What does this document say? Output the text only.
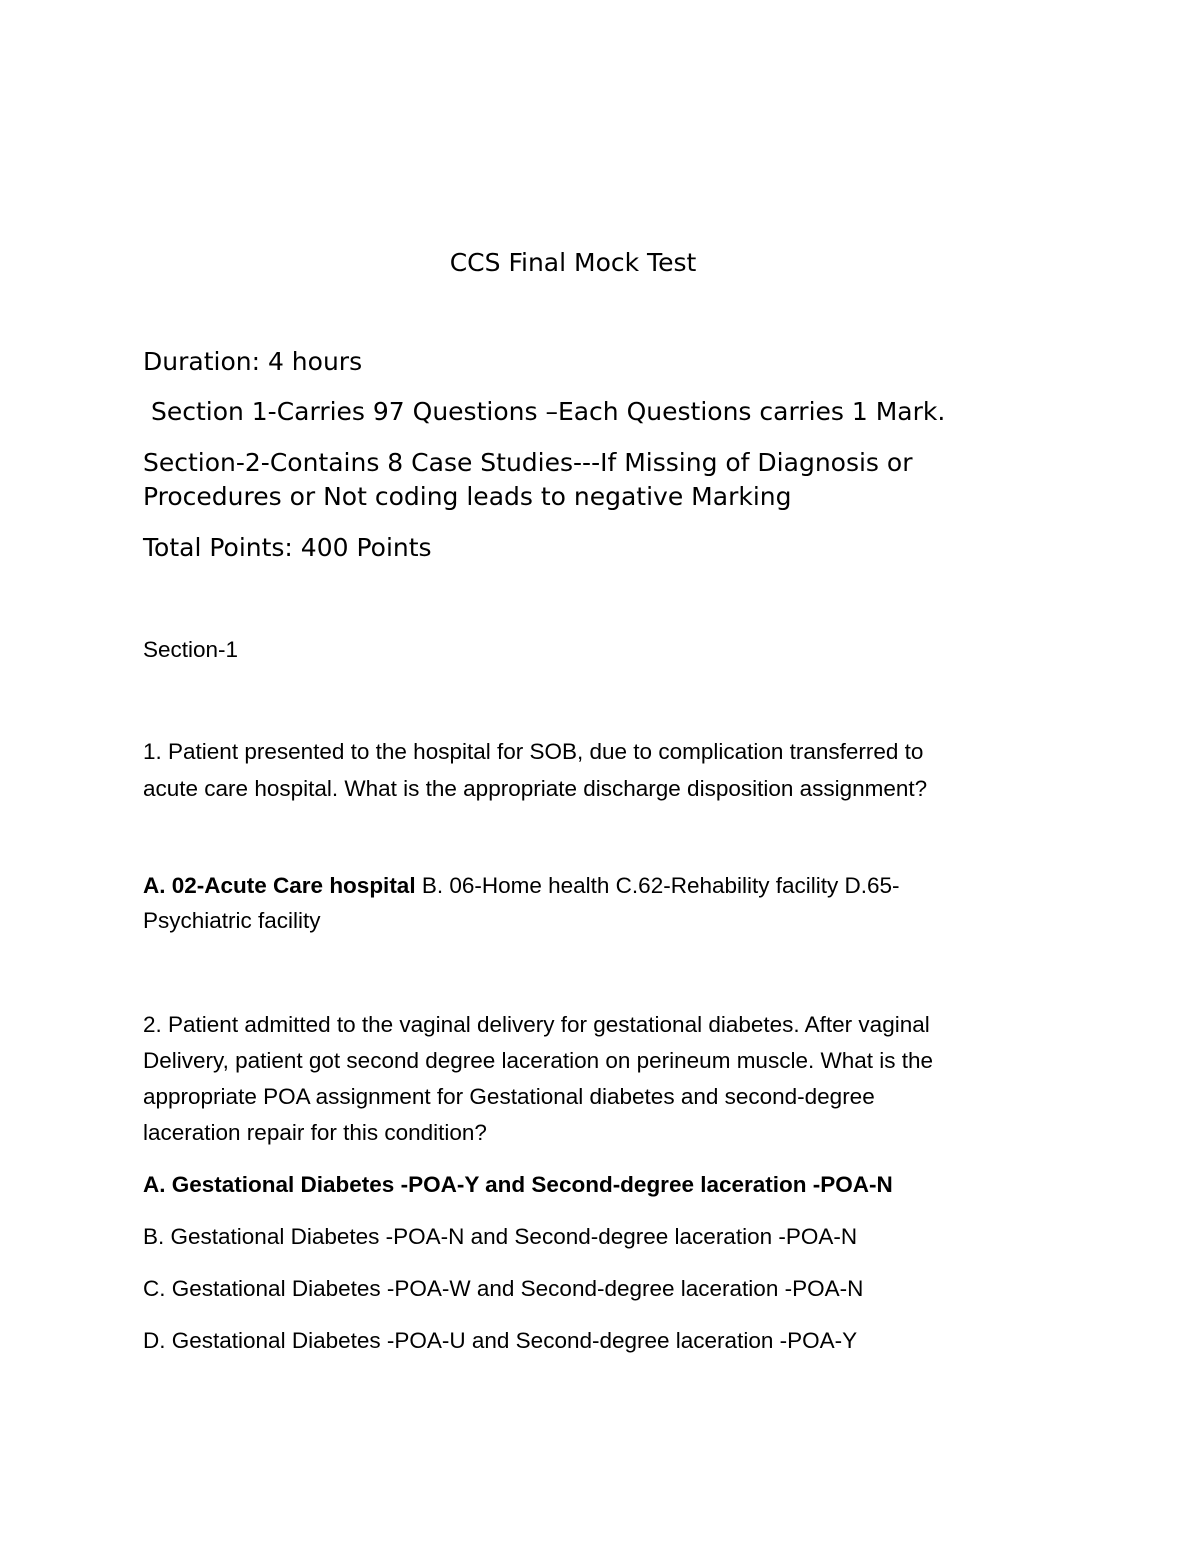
CCS Final Mock Test

Duration: 4 hours

Section 1-Carries 97 Questions –Each Questions carries 1 Mark.

Section-2-Contains 8 Case Studies---If Missing of Diagnosis or

Procedures or Not coding leads to negative Marking

Total Points: 400 Points

Section-1

1. Patient presented to the hospital for SOB, due to complication transferred to

acute care hospital. What is the appropriate discharge disposition assignment?

A. 02-Acute Care hospital B. 06-Home health C.62-Rehability facility D.65-

Psychiatric facility

2. Patient admitted to the vaginal delivery for gestational diabetes. After vaginal

Delivery, patient got second degree laceration on perineum muscle. What is the

appropriate POA assignment for Gestational diabetes and second-degree

laceration repair for this condition?

A. Gestational Diabetes -POA-Y and Second-degree laceration -POA-N

B. Gestational Diabetes -POA-N and Second-degree laceration -POA-N

C. Gestational Diabetes -POA-W and Second-degree laceration -POA-N

D. Gestational Diabetes -POA-U and Second-degree laceration -POA-Y
